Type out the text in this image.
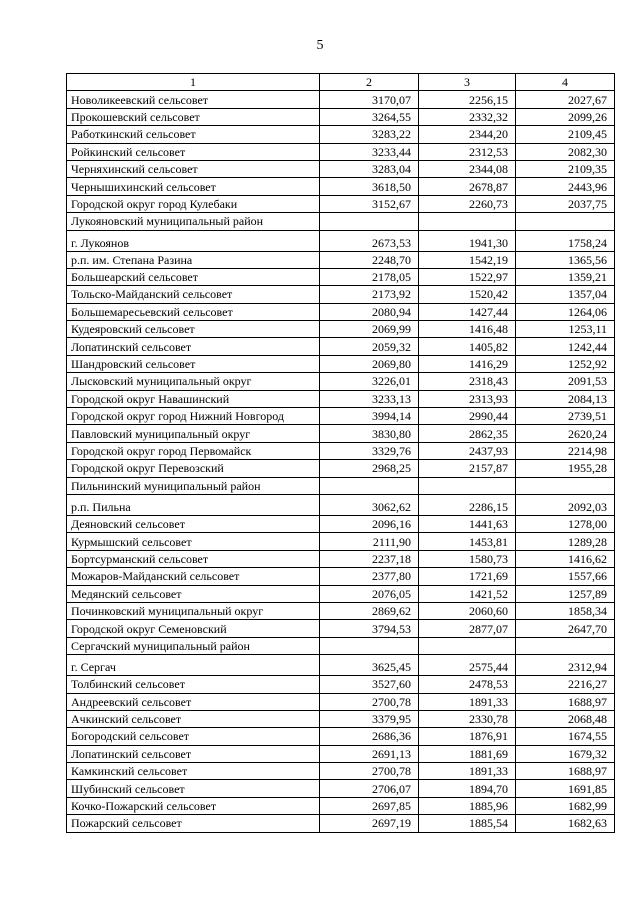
5
1	2	3	4
Новоликеевский сельсовет	3170,07	2256,15	2027,67
Прокошевский сельсовет	3264,55	2332,32	2099,26
Работкинский сельсовет	3283,22	2344,20	2109,45
Ройкинский сельсовет	3233,44	2312,53	2082,30
Черняхинский сельсовет	3283,04	2344,08	2109,35
Чернышихинский сельсовет	3618,50	2678,87	2443,96
Городской округ город Кулебаки	3152,67	2260,73	2037,75
Лукояновский муниципальный район			
г. Лукоянов	2673,53	1941,30	1758,24
р.п. им. Степана Разина	2248,70	1542,19	1365,56
Большеарский сельсовет	2178,05	1522,97	1359,21
Тольско-Майданский сельсовет	2173,92	1520,42	1357,04
Большемаресьевский сельсовет	2080,94	1427,44	1264,06
Кудеяровский сельсовет	2069,99	1416,48	1253,11
Лопатинский сельсовет	2059,32	1405,82	1242,44
Шандровский сельсовет	2069,80	1416,29	1252,92
Лысковский муниципальный округ	3226,01	2318,43	2091,53
Городской округ Навашинский	3233,13	2313,93	2084,13
Городской округ город Нижний Новгород	3994,14	2990,44	2739,51
Павловский муниципальный округ	3830,80	2862,35	2620,24
Городской округ город Первомайск	3329,76	2437,93	2214,98
Городской округ Перевозский	2968,25	2157,87	1955,28
Пильнинский муниципальный район			
р.п. Пильна	3062,62	2286,15	2092,03
Деяновский сельсовет	2096,16	1441,63	1278,00
Курмышский сельсовет	2111,90	1453,81	1289,28
Бортсурманский сельсовет	2237,18	1580,73	1416,62
Можаров-Майданский сельсовет	2377,80	1721,69	1557,66
Медянский сельсовет	2076,05	1421,52	1257,89
Починковский муниципальный округ	2869,62	2060,60	1858,34
Городской округ Семеновский	3794,53	2877,07	2647,70
Сергачский муниципальный район			
г. Сергач	3625,45	2575,44	2312,94
Толбинский сельсовет	3527,60	2478,53	2216,27
Андреевский сельсовет	2700,78	1891,33	1688,97
Ачкинский сельсовет	3379,95	2330,78	2068,48
Богородский сельсовет	2686,36	1876,91	1674,55
Лопатинский сельсовет	2691,13	1881,69	1679,32
Камкинский сельсовет	2700,78	1891,33	1688,97
Шубинский сельсовет	2706,07	1894,70	1691,85
Кочко-Пожарский сельсовет	2697,85	1885,96	1682,99
Пожарский сельсовет	2697,19	1885,54	1682,63
